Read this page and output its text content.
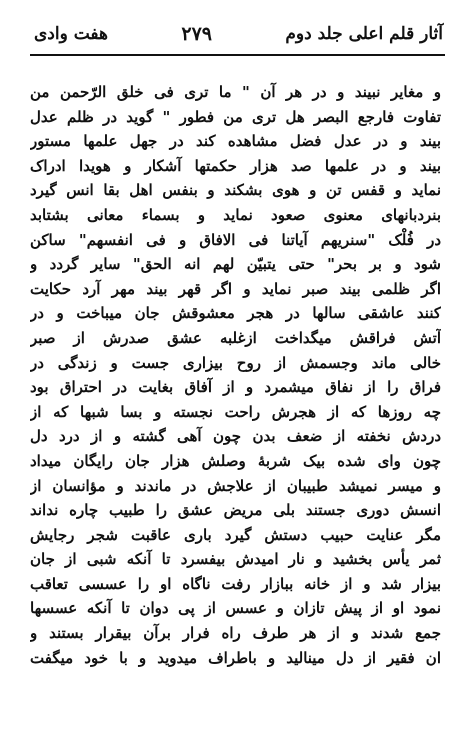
آثار قلم اعلی جلد دوم
۲۷۹
هفت وادی
و مغایر نبیند و در هر آن " ما تری فی خلق الرّحمن من
تفاوت فارجع البصر هل تری من فطور " گوید در ظلم عدل
بیند و در عدل فضل مشاهده کند در جهل علمها مستور
بیند و در علمها صد هزار حکمتها آشکار و هویدا ادراک
نماید و قفس تن و هوی بشکند و بنفس اهل بقا انس گیرد
بنردبانهای معنوی صعود نماید و بسماء معانی بشتابد
در فُلْک "سنریهم آیاتنا فی الافاق و فی انفسهم" ساکن
شود و بر بحر" حتی یتبیّن لهم انه الحق" سایر گردد و
اگر ظلمی بیند صبر نماید و اگر قهر بیند مهر آرد حکایت
کنند عاشقی سالها در هجر معشوقش جان میباخت و در
آتش فراقش میگداخت ازغلبه عشق صدرش از صبر
خالی ماند وجسمش از روح بیزاری جست و زندگی در
فراق را از نفاق میشمرد و از آفاق بغایت در احتراق بود
چه روزها که از هجرش راحت نجسته و بسا شبها که از
دردش نخفته از ضعف بدن چون آهی گشته و از درد دل
چون وای شده بیک شربهٔ وصلش هزار جان رایگان میداد
و میسر نمیشد طبیبان از علاجش در ماندند و مؤانسان از
انسش دوری جستند بلی مریض عشق را طبیب چاره نداند
مگر عنایت حبیب دستش گیرد باری عاقبت شجر رجایش
ثمر یأس بخشید و نار امیدش بیفسرد تا آنکه شبی از جان
بیزار شد و از خانه ببازار رفت ناگاه او را عسسی تعاقب
نمود او از پیش تازان و عسس از پی دوان تا آنکه عسسها
جمع شدند و از هر طرف راه فرار برآن بیقرار بستند و
ان فقیر از دل مینالید و باطراف میدوید و با خود میگفت
